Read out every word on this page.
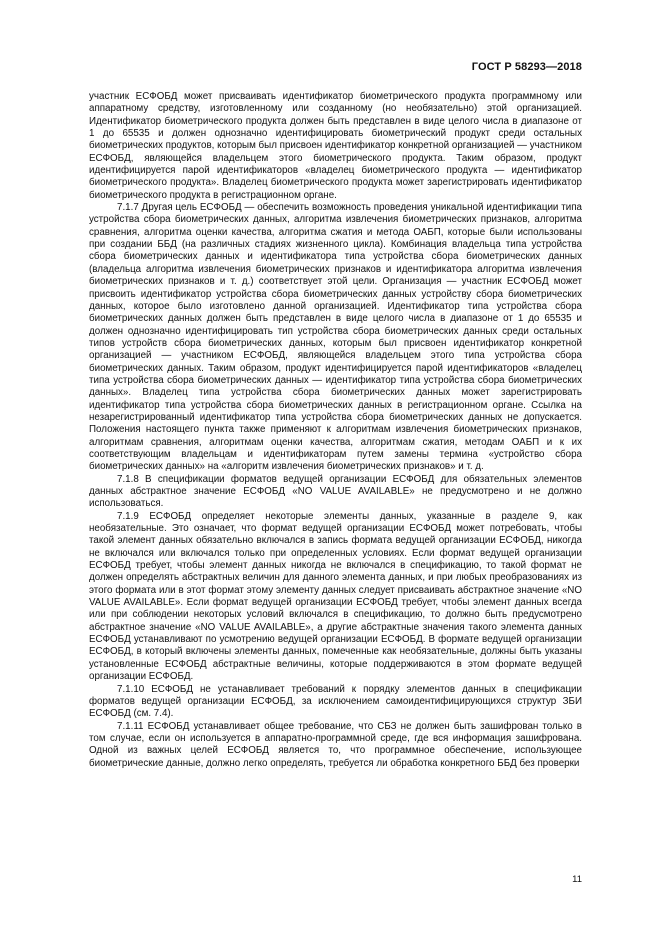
ГОСТ Р 58293—2018

участник ЕСФОБД может присваивать идентификатор биометрического продукта программному или аппаратному средству, изготовленному или созданному (но необязательно) этой организацией. Идентификатор биометрического продукта должен быть представлен в виде целого числа в диапазоне от 1 до 65535 и должен однозначно идентифицировать биометрический продукт среди остальных биометрических продуктов, которым был присвоен идентификатор конкретной организацией — участником ЕСФОБД, являющейся владельцем этого биометрического продукта. Таким образом, продукт идентифицируется парой идентификаторов «владелец биометрического продукта — идентификатор биометрического продукта». Владелец биометрического продукта может зарегистрировать идентификатор биометрического продукта в регистрационном органе.

7.1.7 Другая цель ЕСФОБД — обеспечить возможность проведения уникальной идентификации типа устройства сбора биометрических данных, алгоритма извлечения биометрических признаков, алгоритма сравнения, алгоритма оценки качества, алгоритма сжатия и метода ОАБП, которые были использованы при создании ББД (на различных стадиях жизненного цикла). Комбинация владельца типа устройства сбора биометрических данных и идентификатора типа устройства сбора биометрических данных (владельца алгоритма извлечения биометрических признаков и идентификатора алгоритма извлечения биометрических признаков и т. д.) соответствует этой цели. Организация — участник ЕСФОБД может присвоить идентификатор устройства сбора биометрических данных устройству сбора биометрических данных, которое было изготовлено данной организацией. Идентификатор типа устройства сбора биометрических данных должен быть представлен в виде целого числа в диапазоне от 1 до 65535 и должен однозначно идентифицировать тип устройства сбора биометрических данных среди остальных типов устройств сбора биометрических данных, которым был присвоен идентификатор конкретной организацией — участником ЕСФОБД, являющейся владельцем этого типа устройства сбора биометрических данных. Таким образом, продукт идентифицируется парой идентификаторов «владелец типа устройства сбора биометрических данных — идентификатор типа устройства сбора биометрических данных». Владелец типа устройства сбора биометрических данных может зарегистрировать идентификатор типа устройства сбора биометрических данных в регистрационном органе. Ссылка на незарегистрированный идентификатор типа устройства сбора биометрических данных не допускается. Положения настоящего пункта также применяют к алгоритмам извлечения биометрических признаков, алгоритмам сравнения, алгоритмам оценки качества, алгоритмам сжатия, методам ОАБП и к их соответствующим владельцам и идентификаторам путем замены термина «устройство сбора биометрических данных» на «алгоритм извлечения биометрических признаков» и т. д.

7.1.8 В спецификации форматов ведущей организации ЕСФОБД для обязательных элементов данных абстрактное значение ЕСФОБД «NO VALUE AVAILABLE» не предусмотрено и не должно использоваться.

7.1.9 ЕСФОБД определяет некоторые элементы данных, указанные в разделе 9, как необязательные. Это означает, что формат ведущей организации ЕСФОБД может потребовать, чтобы такой элемент данных обязательно включался в запись формата ведущей организации ЕСФОБД, никогда не включался или включался только при определенных условиях. Если формат ведущей организации ЕСФОБД требует, чтобы элемент данных никогда не включался в спецификацию, то такой формат не должен определять абстрактных величин для данного элемента данных, и при любых преобразованиях из этого формата или в этот формат этому элементу данных следует присваивать абстрактное значение «NO VALUE AVAILABLE». Если формат ведущей организации ЕСФОБД требует, чтобы элемент данных всегда или при соблюдении некоторых условий включался в спецификацию, то должно быть предусмотрено абстрактное значение «NO VALUE AVAILABLE», а другие абстрактные значения такого элемента данных ЕСФОБД устанавливают по усмотрению ведущей организации ЕСФОБД. В формате ведущей организации ЕСФОБД, в который включены элементы данных, помеченные как необязательные, должны быть указаны установленные ЕСФОБД абстрактные величины, которые поддерживаются в этом формате ведущей организации ЕСФОБД.

7.1.10 ЕСФОБД не устанавливает требований к порядку элементов данных в спецификации форматов ведущей организации ЕСФОБД, за исключением самоидентифицирующихся структур ЗБИ ЕСФОБД (см. 7.4).

7.1.11 ЕСФОБД устанавливает общее требование, что СБЗ не должен быть зашифрован только в том случае, если он используется в аппаратно-программной среде, где вся информация зашифрована. Одной из важных целей ЕСФОБД является то, что программное обеспечение, использующее биометрические данные, должно легко определять, требуется ли обработка конкретного ББД без проверки

11
